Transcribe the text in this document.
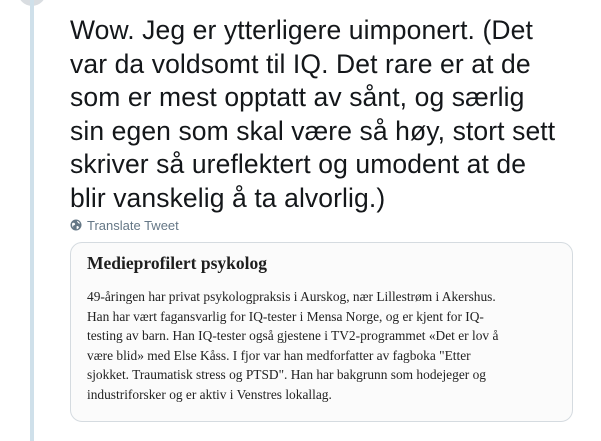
Wow. Jeg er ytterligere uimponert. (Det
var da voldsomt til IQ. Det rare er at de
som er mest opptatt av sånt, og særlig
sin egen som skal være så høy, stort sett
skriver så ureflektert og umodent at de
blir vanskelig å ta alvorlig.)
Translate Tweet
Medieprofilert psykolog
49-åringen har privat psykologpraksis i Aurskog, nær Lillestrøm i Akershus.
Han har vært fagansvarlig for IQ-tester i Mensa Norge, og er kjent for IQ-
testing av barn. Han IQ-tester også gjestene i TV2-programmet «Det er lov å
være blid» med Else Kåss. I fjor var han medforfatter av fagboka "Etter
sjokket. Traumatisk stress og PTSD". Han har bakgrunn som hodejeger og
industriforsker og er aktiv i Venstres lokallag.
